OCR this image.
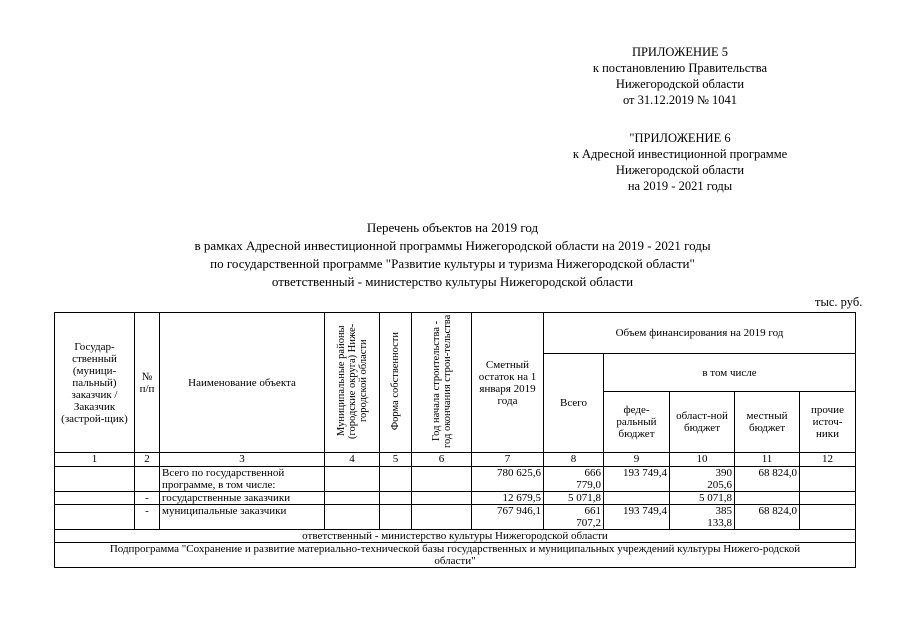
ПРИЛОЖЕНИЕ 5
к постановлению Правительства
Нижегородской области
от 31.12.2019 № 1041
"ПРИЛОЖЕНИЕ 6
к Адресной инвестиционной программе
Нижегородской области
на 2019 - 2021 годы
Перечень объектов на 2019 год
в рамках Адресной инвестиционной программы Нижегородской области на 2019 - 2021 годы
по государственной программе "Развитие культуры и туризма Нижегородской области"
ответственный - министерство культуры Нижегородской области
тыс. руб.
Государ-ственный (муници-пальный) заказчик / Заказчик (застрой-щик)	№ п/п	Наименование объекта	Муниципальные районы (городские округа) Ниже-городской области	Форма собственности	Год начала строительства - год окончания строи-тельства	Сметный остаток на 1 января 2019 года	Объем финансирования на 2019 год				
							Всего	в том числе			
								феде-ральный бюджет	област-ной бюджет	местный бюджет	прочие источ-ники
1	2	3	4	5	6	7	8	9	10	11	12
		Всего по государственной программе, в том числе:				780 625,6	666 779,0	193 749,4	390 205,6	68 824,0	
	-	государственные заказчики				12 679,5	5 071,8		5 071,8		
	-	муниципальные заказчики				767 946,1	661 707,2	193 749,4	385 133,8	68 824,0	
ответственный - министерство культуры Нижегородской области											
Подпрограмма "Сохранение и развитие материально-технической базы государственных и муниципальных учреждений культуры Нижего-родской области"											
